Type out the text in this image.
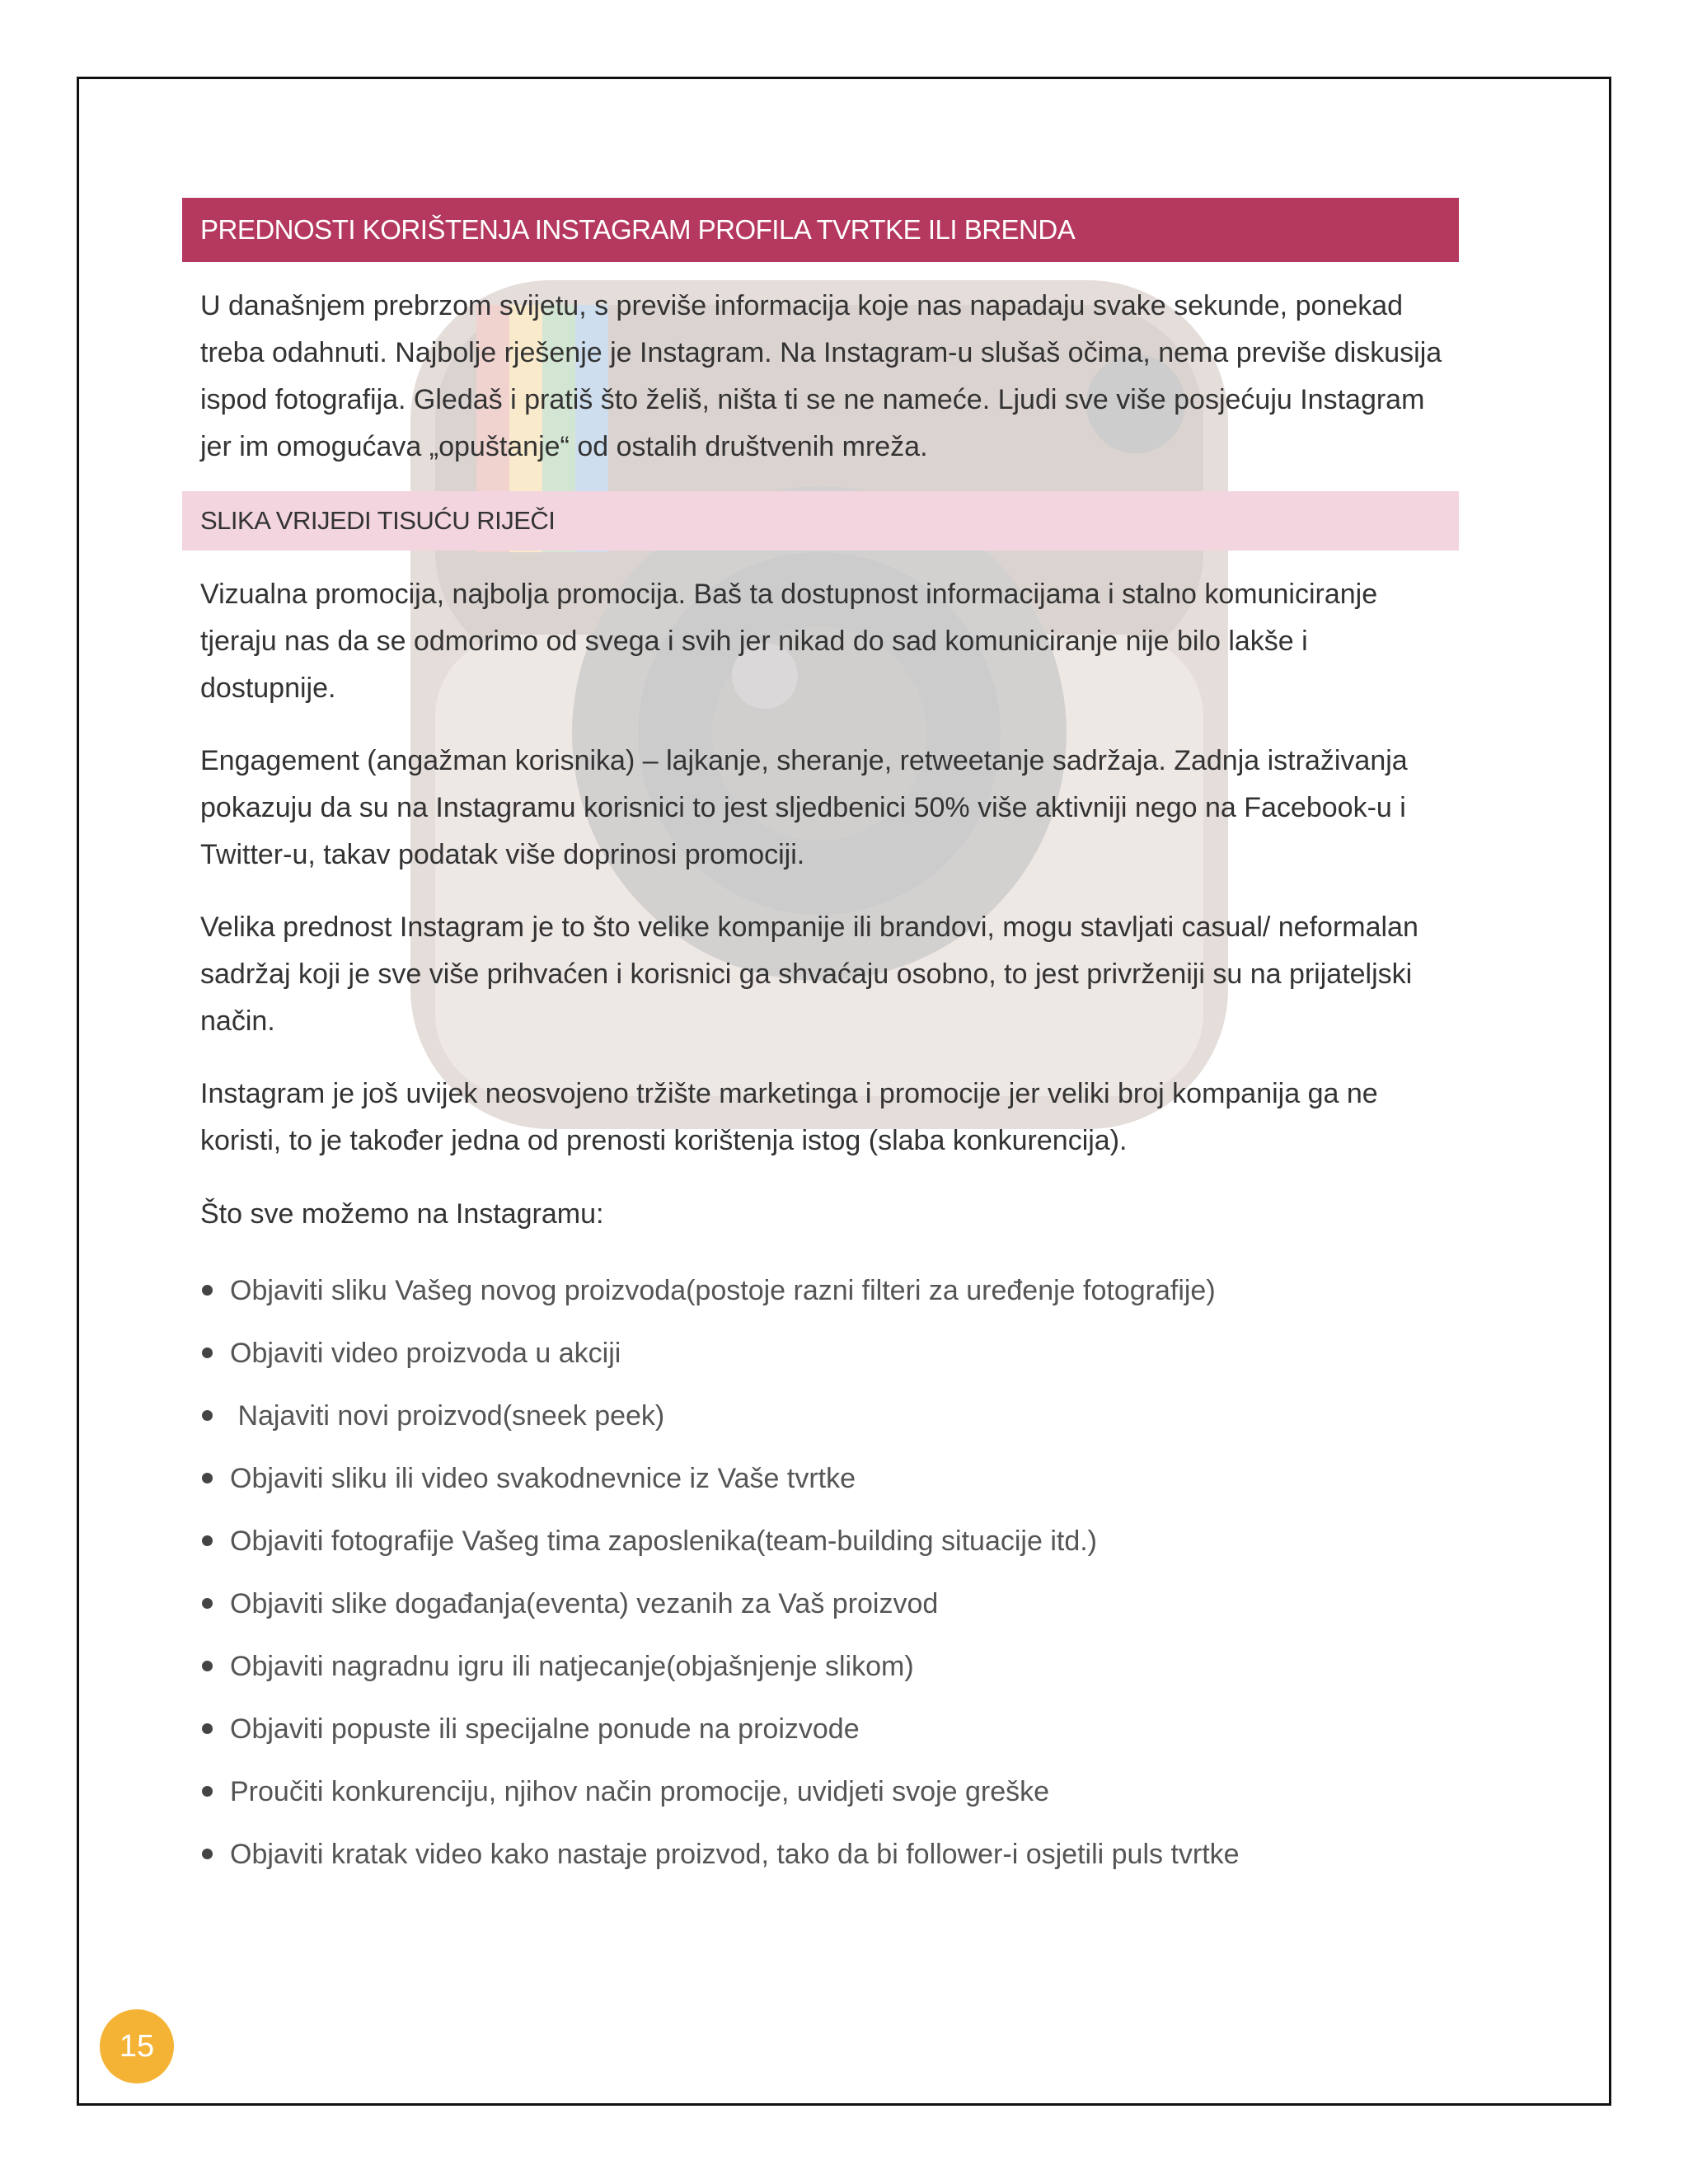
PREDNOSTI KORIŠTENJA INSTAGRAM PROFILA TVRTKE ILI BRENDA

U današnjem prebrzom svijetu, s previše informacija koje nas napadaju svake sekunde, ponekad treba odahnuti. Najbolje rješenje je Instagram. Na Instagram-u slušaš očima, nema previše diskusija ispod fotografija. Gledaš i pratiš što želiš, ništa ti se ne nameće. Ljudi sve više posjećuju Instagram jer im omogućava „opuštanje“ od ostalih društvenih mreža.

SLIKA VRIJEDI TISUĆU RIJEČI

Vizualna promocija, najbolja promocija. Baš ta dostupnost informacijama i stalno komuniciranje tjeraju nas da se odmorimo od svega i svih jer nikad do sad komuniciranje nije bilo lakše i dostupnije.

Engagement (angažman korisnika) – lajkanje, sheranje, retweetanje sadržaja. Zadnja istraživanja pokazuju da su na Instagramu korisnici to jest sljedbenici 50% više aktivniji nego na Facebook-u i Twitter-u, takav podatak više doprinosi promociji.

Velika prednost Instagram je to što velike kompanije ili brandovi, mogu stavljati casual/ neformalan sadržaj koji je sve više prihvaćen i korisnici ga shvaćaju osobno, to jest privrženiji su na prijateljski način.

Instagram je još uvijek neosvojeno tržište marketinga i promocije jer veliki broj kompanija ga ne koristi, to je također jedna od prenosti korištenja istog (slaba konkurencija).

Što sve možemo na Instagramu:

Objaviti sliku Vašeg novog proizvoda(postoje razni filteri za uređenje fotografije)
Objaviti video proizvoda u akciji
Najaviti novi proizvod(sneek peek)
Objaviti sliku ili video svakodnevnice iz Vaše tvrtke
Objaviti fotografije Vašeg tima zaposlenika(team-building situacije itd.)
Objaviti slike događanja(eventa) vezanih za Vaš proizvod
Objaviti nagradnu igru ili natjecanje(objašnjenje slikom)
Objaviti popuste ili specijalne ponude na proizvode
Proučiti konkurenciju, njihov način promocije, uvidjeti svoje greške
Objaviti kratak video kako nastaje proizvod, tako da bi follower-i osjetili puls tvrtke
15
